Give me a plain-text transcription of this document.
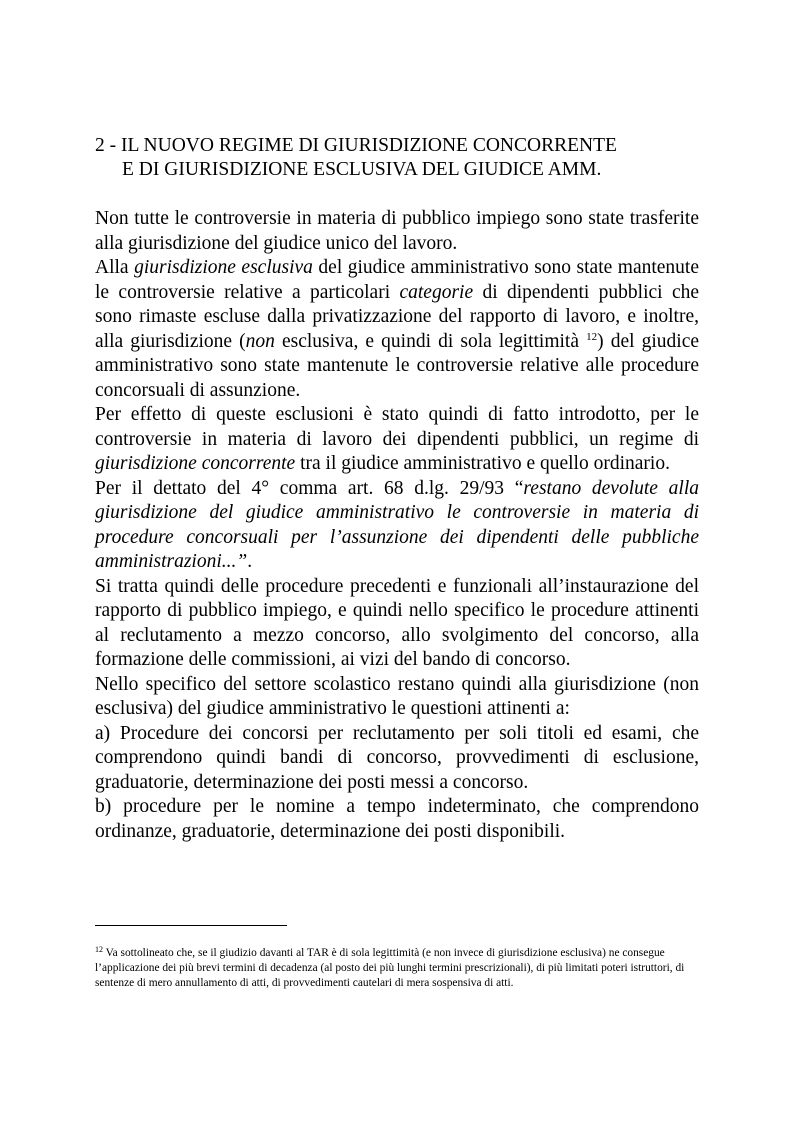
2 - IL NUOVO REGIME DI GIURISDIZIONE CONCORRENTE
E DI GIURISDIZIONE ESCLUSIVA DEL GIUDICE AMM.

Non tutte le controversie in materia di pubblico impiego sono state trasferite alla giurisdizione del giudice unico del lavoro.

Alla giurisdizione esclusiva del giudice amministrativo sono state mantenute le controversie relative a particolari categorie di dipendenti pubblici che sono rimaste escluse dalla privatizzazione del rapporto di lavoro, e inoltre, alla giurisdizione (non esclusiva, e quindi di sola legittimità $^{12}$) del giudice amministrativo sono state mantenute le controversie relative alle procedure concorsuali di assunzione.

Per effetto di queste esclusioni è stato quindi di fatto introdotto, per le controversie in materia di lavoro dei dipendenti pubblici, un regime di giurisdizione concorrente tra il giudice amministrativo e quello ordinario.

Per il dettato del 4° comma art. 68 d.lg. 29/93 “restano devolute alla giurisdizione del giudice amministrativo le controversie in materia di procedure concorsuali per l’assunzione dei dipendenti delle pubbliche amministrazioni...”.

Si tratta quindi delle procedure precedenti e funzionali all’instaurazione del rapporto di pubblico impiego, e quindi nello specifico le procedure attinenti al reclutamento a mezzo concorso, allo svolgimento del concorso, alla formazione delle commissioni, ai vizi del bando di concorso.

Nello specifico del settore scolastico restano quindi alla giurisdizione (non esclusiva) del giudice amministrativo le questioni attinenti a:

a) Procedure dei concorsi per reclutamento per soli titoli ed esami, che comprendono quindi bandi di concorso, provvedimenti di esclusione, graduatorie, determinazione dei posti messi a concorso.

b) procedure per le nomine a tempo indeterminato, che comprendono ordinanze, graduatorie, determinazione dei posti disponibili.

$^{12}$ Va sottolineato che, se il giudizio davanti al TAR è di sola legittimità (e non invece di giurisdizione esclusiva) ne consegue l’applicazione dei più brevi termini di decadenza (al posto dei più lunghi termini prescrizionali), di più limitati poteri istruttori, di sentenze di mero annullamento di atti, di provvedimenti cautelari di mera sospensiva di atti.
